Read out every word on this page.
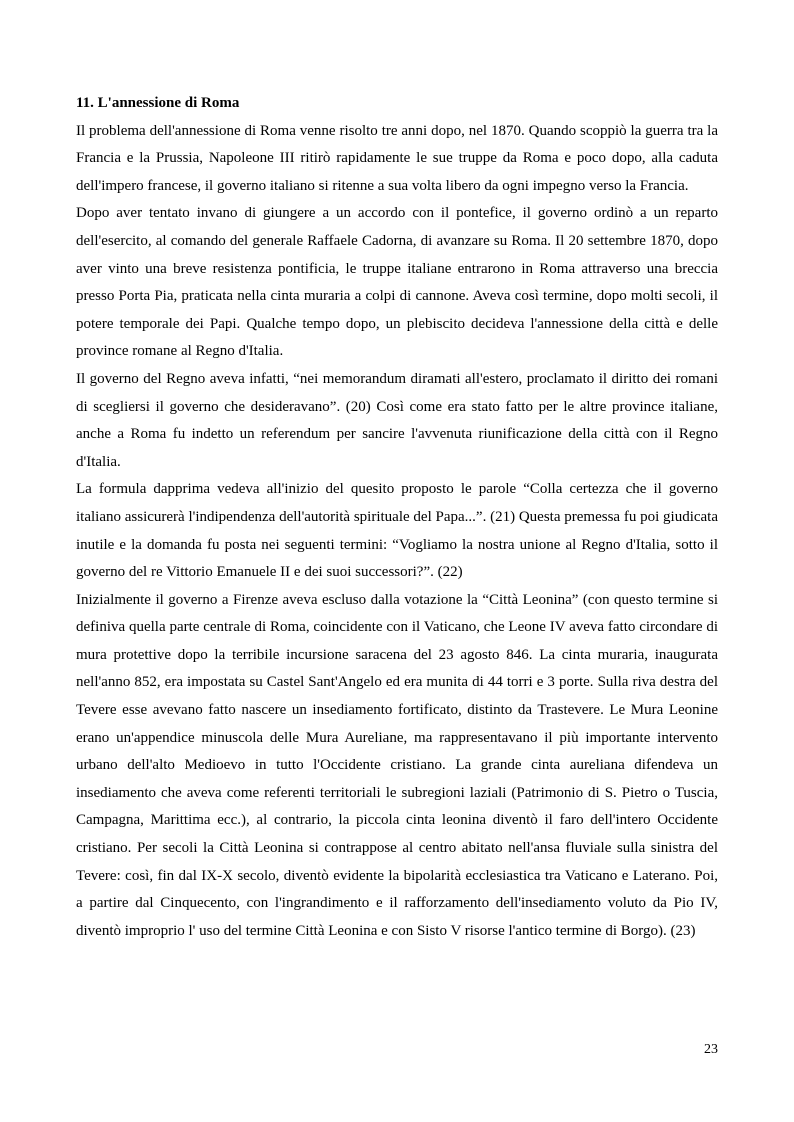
11. L'annessione di Roma

Il problema dell'annessione di Roma venne risolto tre anni dopo, nel 1870. Quando scoppiò la guerra tra la Francia e la Prussia, Napoleone III ritirò rapidamente le sue truppe da Roma e poco dopo, alla caduta dell'impero francese, il governo italiano si ritenne a sua volta libero da ogni impegno verso la Francia.

Dopo aver tentato invano di giungere a un accordo con il pontefice, il governo ordinò a un reparto dell'esercito, al comando del generale Raffaele Cadorna, di avanzare su Roma. Il 20 settembre 1870, dopo aver vinto una breve resistenza pontificia, le truppe italiane entrarono in Roma attraverso una breccia presso Porta Pia, praticata nella cinta muraria a colpi di cannone. Aveva così termine, dopo molti secoli, il potere temporale dei Papi. Qualche tempo dopo, un plebiscito decideva l'annessione della città e delle province romane al Regno d'Italia.

Il governo del Regno aveva infatti, “nei memorandum diramati all'estero, proclamato il diritto dei romani di scegliersi il governo che desideravano”. (20) Così come era stato fatto per le altre province italiane, anche a Roma fu indetto un referendum per sancire l'avvenuta riunificazione della città con il Regno d'Italia.

La formula dapprima vedeva all'inizio del quesito proposto le parole “Colla certezza che il governo italiano assicurerà l'indipendenza dell'autorità spirituale del Papa...”. (21) Questa premessa fu poi giudicata inutile e la domanda fu posta nei seguenti termini: “Vogliamo la nostra unione al Regno d'Italia, sotto il governo del re Vittorio Emanuele II e dei suoi successori?”. (22)

Inizialmente il governo a Firenze aveva escluso dalla votazione la “Città Leonina” (con questo termine si definiva quella parte centrale di Roma, coincidente con il Vaticano, che Leone IV aveva fatto circondare di mura protettive dopo la terribile incursione saracena del 23 agosto 846. La cinta muraria, inaugurata nell'anno 852, era impostata su Castel Sant'Angelo ed era munita di 44 torri e 3 porte. Sulla riva destra del Tevere esse avevano fatto nascere un insediamento fortificato, distinto da Trastevere. Le Mura Leonine erano un'appendice minuscola delle Mura Aureliane, ma rappresentavano il più importante intervento urbano dell'alto Medioevo in tutto l'Occidente cristiano. La grande cinta aureliana difendeva un insediamento che aveva come referenti territoriali le subregioni laziali (Patrimonio di S. Pietro o Tuscia, Campagna, Marittima ecc.), al contrario, la piccola cinta leonina diventò il faro dell'intero Occidente cristiano. Per secoli la Città Leonina si contrappose al centro abitato nell'ansa fluviale sulla sinistra del Tevere: così, fin dal IX-X secolo, diventò evidente la bipolarità ecclesiastica tra Vaticano e Laterano. Poi, a partire dal Cinquecento, con l'ingrandimento e il rafforzamento dell'insediamento voluto da Pio IV, diventò improprio l' uso del termine Città Leonina e con Sisto V risorse l'antico termine di Borgo). (23)

23
